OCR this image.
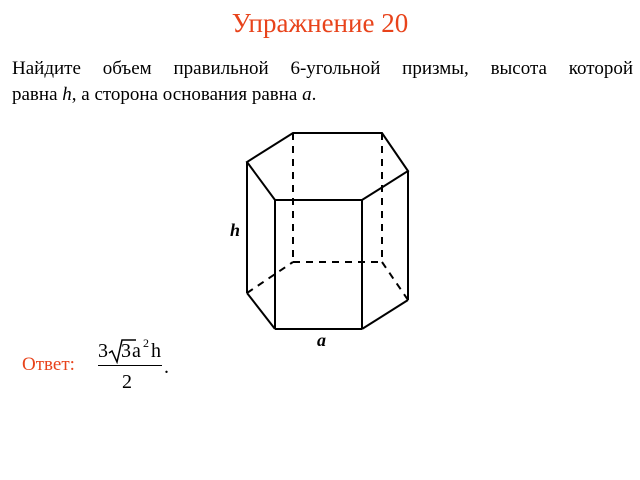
Упражнение 20
Найдите объем правильной 6-угольной призмы, высота которой
равна h, а сторона основания равна a.
h
a
Ответ:
3 3 a 2 h
2
.
